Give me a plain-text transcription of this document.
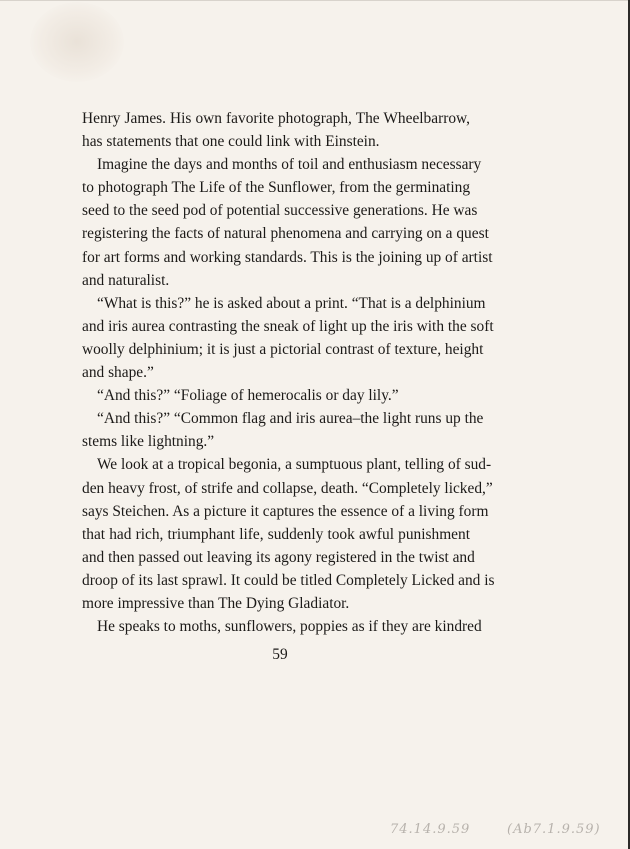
Henry James. His own favorite photograph, The Wheelbarrow,
has statements that one could link with Einstein.
Imagine the days and months of toil and enthusiasm necessary
to photograph The Life of the Sunflower, from the germinating
seed to the seed pod of potential successive generations. He was
registering the facts of natural phenomena and carrying on a quest
for art forms and working standards. This is the joining up of artist
and naturalist.
“What is this?” he is asked about a print. “That is a delphinium
and iris aurea contrasting the sneak of light up the iris with the soft
woolly delphinium; it is just a pictorial contrast of texture, height
and shape.”
“And this?” “Foliage of hemerocalis or day lily.”
“And this?” “Common flag and iris aurea–the light runs up the
stems like lightning.”
We look at a tropical begonia, a sumptuous plant, telling of sud-
den heavy frost, of strife and collapse, death. “Completely licked,”
says Steichen. As a picture it captures the essence of a living form
that had rich, triumphant life, suddenly took awful punishment
and then passed out leaving its agony registered in the twist and
droop of its last sprawl. It could be titled Completely Licked and is
more impressive than The Dying Gladiator.
He speaks to moths, sunflowers, poppies as if they are kindred
59
74.14.9.59	(Ab7.1.9.59)
